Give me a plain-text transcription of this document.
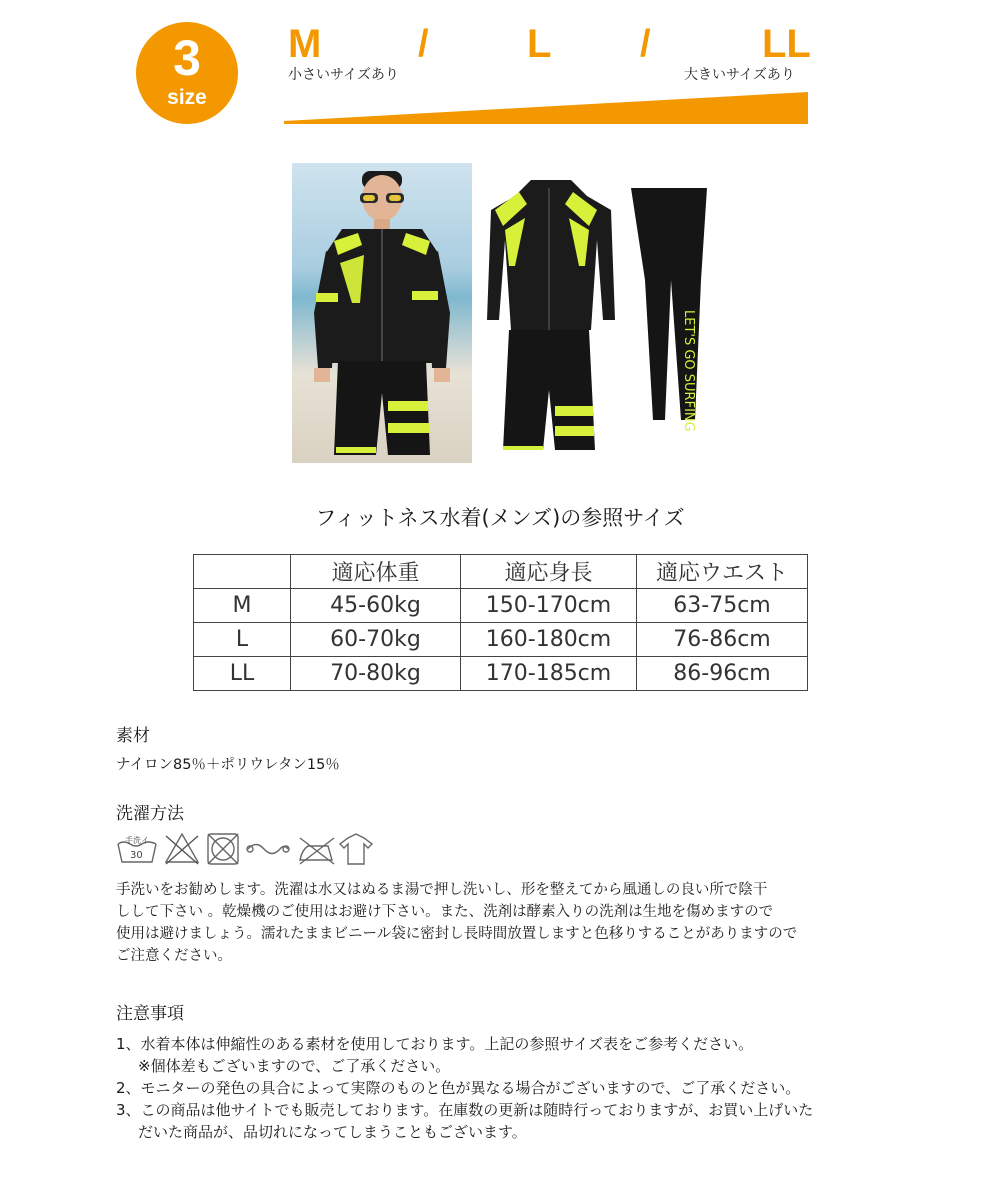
3
size
M	/ L /	LL
小さいサイズあり	大きいサイズあり
LET'S GO SURFING
フィットネス水着(メンズ)の参照サイズ
	適応体重	適応身長	適応ウエスト
M	45-60kg	150-170cm	63-75cm
L	60-70kg	160-180cm	76-86cm
LL	70-80kg	170-185cm	86-96cm
素材
ナイロン85％＋ポリウレタン15％
洗濯方法
手洗イ
30
手洗いをお勧めします。洗濯は水又はぬるま湯で押し洗いし、形を整えてから風通しの良い所で陰干
しして下さい 。乾燥機のご使用はお避け下さい。また、洗剤は酵素入りの洗剤は生地を傷めますので
使用は避けましょう。濡れたままビニール袋に密封し長時間放置しますと色移りすることがありますので
ご注意ください。
注意事項
1、水着本体は伸縮性のある素材を使用しております。上記の参照サイズ表をご参考ください。
※個体差もございますので、ご了承ください。
2、モニターの発色の具合によって実際のものと色が異なる場合がございますので、ご了承ください。
3、この商品は他サイトでも販売しております。在庫数の更新は随時行っておりますが、お買い上げいた
だいた商品が、品切れになってしまうこともございます。
